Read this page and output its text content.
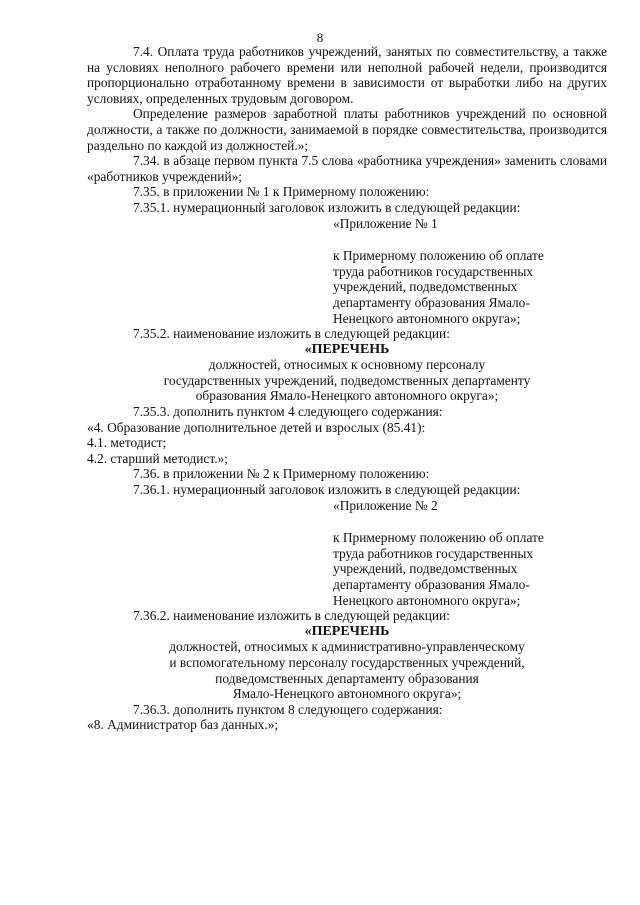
8

7.4. Оплата труда работников учреждений, занятых по совместительству, а также на условиях неполного рабочего времени или неполной рабочей недели, производится пропорционально отработанному времени в зависимости от выработки либо на других условиях, определенных трудовым договором.

Определение размеров заработной платы работников учреждений по основной должности, а также по должности, занимаемой в порядке совместительства, производится раздельно по каждой из должностей.»;

7.34. в абзаце первом пункта 7.5 слова «работника учреждения» заменить словами «работников учреждений»;

7.35. в приложении № 1 к Примерному положению:

7.35.1. нумерационный заголовок изложить в следующей редакции:

«Приложение № 1

к Примерному положению об оплате труда работников государственных учреждений, подведомственных департаменту образования Ямало-Ненецкого автономного округа»;

7.35.2. наименование изложить в следующей редакции:

«ПЕРЕЧЕНЬ

должностей, относимых к основному персоналу

государственных учреждений, подведомственных департаменту

образования Ямало-Ненецкого автономного округа»;

7.35.3. дополнить пунктом 4 следующего содержания:

«4. Образование дополнительное детей и взрослых (85.41):

4.1. методист;

4.2. старший методист.»;

7.36. в приложении № 2 к Примерному положению:

7.36.1. нумерационный заголовок изложить в следующей редакции:

«Приложение № 2

к Примерному положению об оплате труда работников государственных учреждений, подведомственных департаменту образования Ямало-Ненецкого автономного округа»;

7.36.2. наименование изложить в следующей редакции:

«ПЕРЕЧЕНЬ

должностей, относимых к административно-управленческому

и вспомогательному персоналу государственных учреждений,

подведомственных департаменту образования

Ямало-Ненецкого автономного округа»;

7.36.3. дополнить пунктом 8 следующего содержания:

«8. Администратор баз данных.»;
